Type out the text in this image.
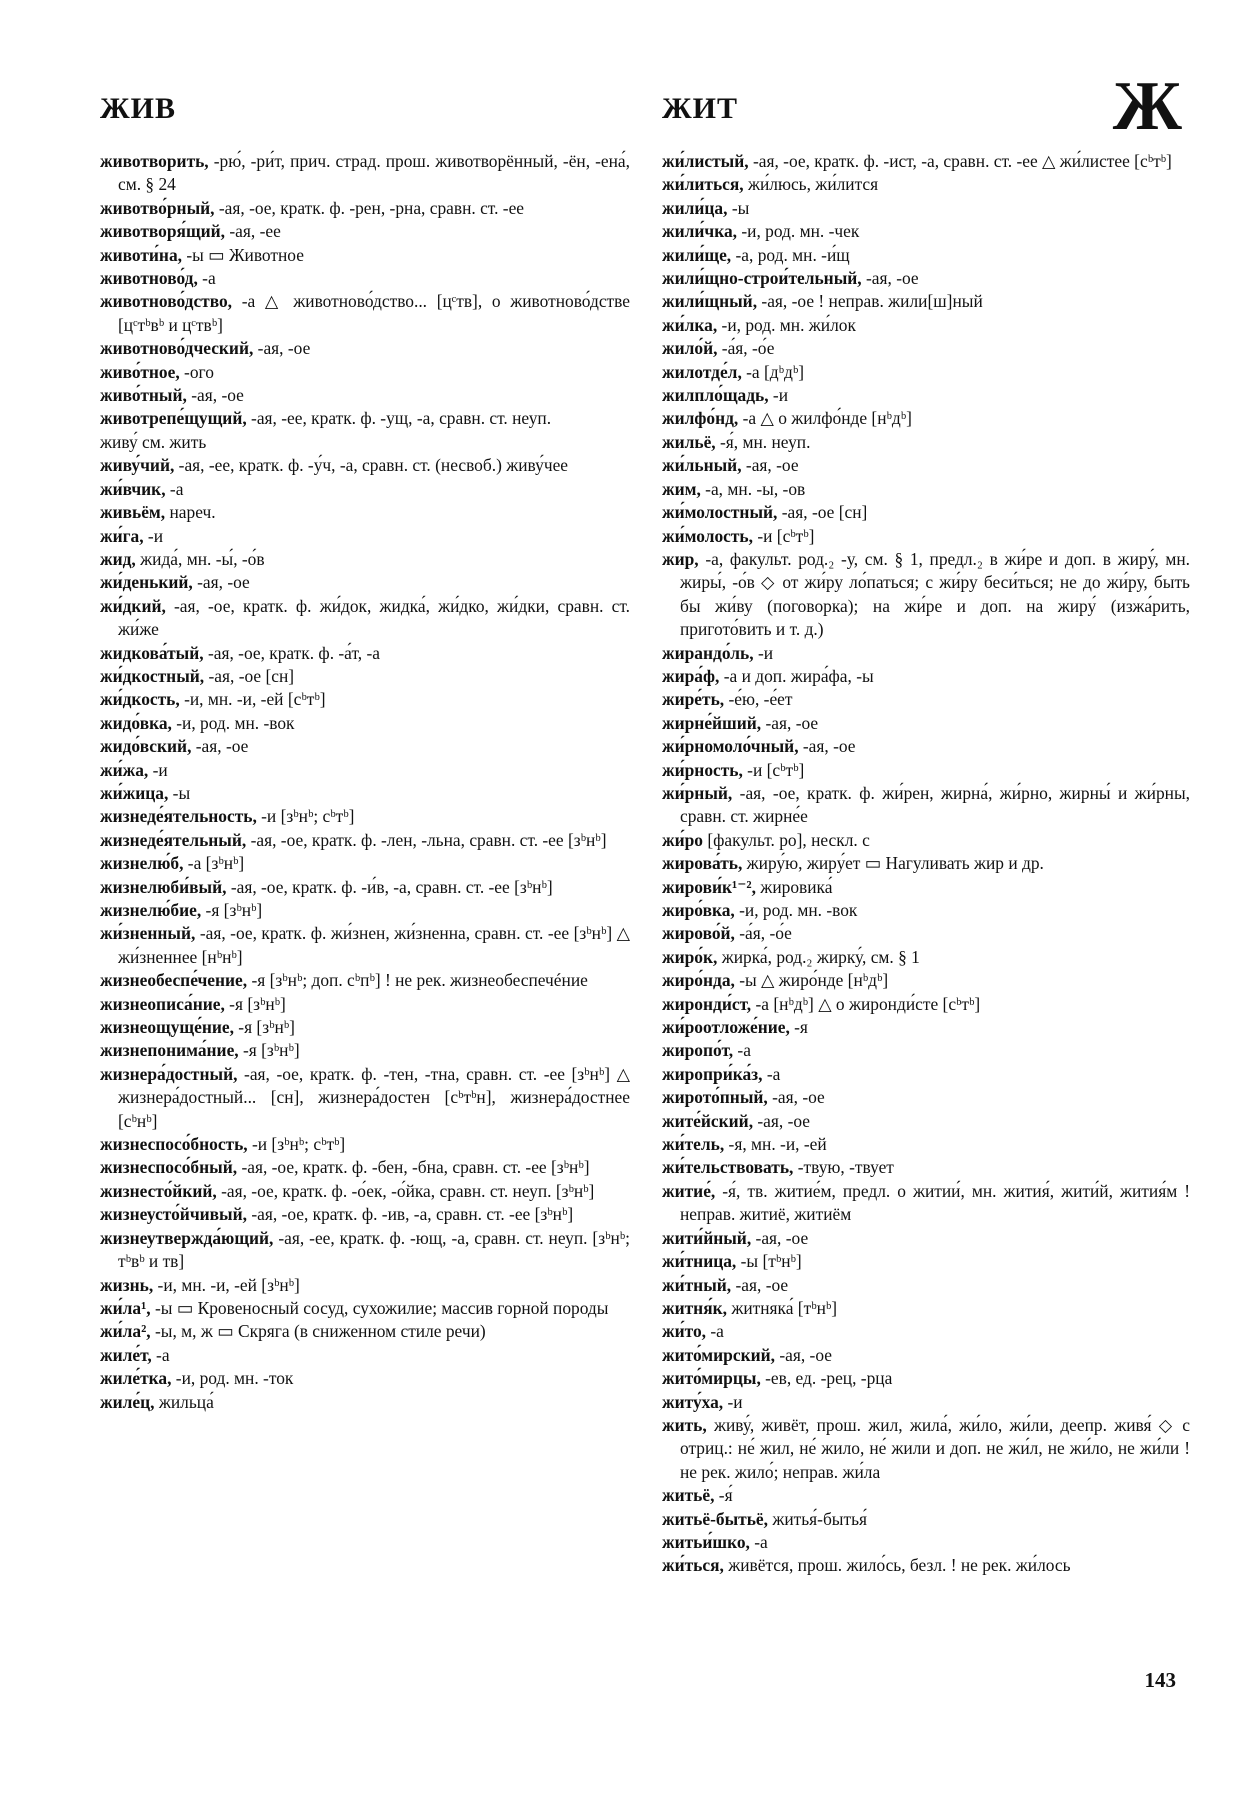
ЖИВ	ЖИТ	Ж

животворить, -рю́, -ри́т, прич. страд. прош. животворённый, -ён, -ена́, см. § 24

животво́рный, -ая, -ое, кратк. ф. -рен, -рна, сравн. ст. -ее

животворя́щий, -ая, -ее

животи́на, -ы ▭ Животное

животново́д, -а

животново́дство, -а △ животново́дство... [цᶜтв], о животново́дстве [цᶜтᵇвᵇ и цᶜтвᵇ]

животново́дческий, -ая, -ое

живо́тное, -ого

живо́тный, -ая, -ое

животрепе́щущий, -ая, -ее, кратк. ф. -ущ, -а, сравн. ст. неуп.

живу́ см. жить

живу́чий, -ая, -ее, кратк. ф. -у́ч, -а, сравн. ст. (несвоб.) живу́чее

жи́вчик, -а

живьём, нареч.

жи́га, -и

жид, жида́, мн. -ы́, -о́в

жи́денький, -ая, -ое

жи́дкий, -ая, -ое, кратк. ф. жи́док, жидка́, жи́дко, жи́дки, сравн. ст. жи́же

жидкова́тый, -ая, -ое, кратк. ф. -а́т, -а

жи́дкостный, -ая, -ое [сн]

жи́дкость, -и, мн. -и, -ей [сᵇтᵇ]

жидо́вка, -и, род. мн. -вок

жидо́вский, -ая, -ое

жи́жа, -и

жи́жица, -ы

жизнеде́ятельность, -и [зᵇнᵇ; сᵇтᵇ]

жизнеде́ятельный, -ая, -ое, кратк. ф. -лен, -льна, сравн. ст. -ее [зᵇнᵇ]

жизнелю́б, -а [зᵇнᵇ]

жизнелюби́вый, -ая, -ое, кратк. ф. -и́в, -а, сравн. ст. -ее [зᵇнᵇ]

жизнелю́бие, -я [зᵇнᵇ]

жи́зненный, -ая, -ое, кратк. ф. жи́знен, жи́зненна, сравн. ст. -ее [зᵇнᵇ] △ жи́зненнее [нᵇнᵇ]

жизнеобеспе́чение, -я [зᵇнᵇ; доп. сᵇпᵇ] ! не рек. жизнеобеспечéние

жизнеописа́ние, -я [зᵇнᵇ]

жизнеощуще́ние, -я [зᵇнᵇ]

жизнепонима́ние, -я [зᵇнᵇ]

жизнера́достный, -ая, -ое, кратк. ф. -тен, -тна, сравн. ст. -ее [зᵇнᵇ] △ жизнера́достный... [сн], жизнера́достен [сᵇтᵇн], жизнера́достнее [сᵇнᵇ]

жизнеспосо́бность, -и [зᵇнᵇ; сᵇтᵇ]

жизнеспосо́бный, -ая, -ое, кратк. ф. -бен, -бна, сравн. ст. -ее [зᵇнᵇ]

жизнесто́йкий, -ая, -ое, кратк. ф. -о́ек, -о́йка, сравн. ст. неуп. [зᵇнᵇ]

жизнеусто́йчивый, -ая, -ое, кратк. ф. -ив, -а, сравн. ст. -ее [зᵇнᵇ]

жизнеутвержда́ющий, -ая, -ее, кратк. ф. -ющ, -а, сравн. ст. неуп. [зᵇнᵇ; тᵇвᵇ и тв]

жизнь, -и, мн. -и, -ей [зᵇнᵇ]

жи́ла¹, -ы ▭ Кровеносный сосуд, сухожилие; массив горной породы

жи́ла², -ы, м, ж ▭ Скряга (в сниженном стиле речи)

жиле́т, -а

жиле́тка, -и, род. мн. -ток

жиле́ц, жильца́

жи́листый, -ая, -ое, кратк. ф. -ист, -а, сравн. ст. -ее △ жи́листее [сᵇтᵇ]

жи́литься, жи́люсь, жи́лится

жили́ца, -ы

жили́чка, -и, род. мн. -чек

жили́ще, -а, род. мн. -и́щ

жили́щно-строи́тельный, -ая, -ое

жили́щный, -ая, -ое ! неправ. жили[ш]ный

жи́лка, -и, род. мн. жи́лок

жило́й, -а́я, -о́е

жилотде́л, -а [дᵇдᵇ]

жилпло́щадь, -и

жилфо́нд, -а △ о жилфо́нде [нᵇдᵇ]

жильё, -я́, мн. неуп.

жи́льный, -ая, -ое

жим, -а, мн. -ы, -ов

жи́молостный, -ая, -ое [сн]

жи́молость, -и [сᵇтᵇ]

жир, -а, факульт. род.₂ -у, см. § 1, предл.₂ в жи́ре и доп. в жиру́, мн. жиры́, -о́в ◇ от жи́ру ло́паться; с жи́ру беси́ться; не до жи́ру, быть бы жи́ву (поговорка); на жи́ре и доп. на жиру́ (изжа́рить, пригото́вить и т. д.)

жирандо́ль, -и

жира́ф, -а и доп. жира́фа, -ы

жире́ть, -е́ю, -е́ет

жирне́йший, -ая, -ое

жи́рномоло́чный, -ая, -ое

жи́рность, -и [сᵇтᵇ]

жи́рный, -ая, -ое, кратк. ф. жи́рен, жирна́, жи́рно, жирны́ и жи́рны, сравн. ст. жирне́е

жи́ро [факульт. ро], нескл. с

жирова́ть, жиру́ю, жиру́ет ▭ Нагуливать жир и др.

жирови́к¹⁻², жировика́

жиро́вка, -и, род. мн. -вок

жирово́й, -а́я, -о́е

жиро́к, жирка́, род.₂ жирку́, см. § 1

жиро́нда, -ы △ жиро́нде [нᵇдᵇ]

жиронди́ст, -а [нᵇдᵇ] △ о жиронди́сте [сᵇтᵇ]

жи́роотложе́ние, -я

жиропо́т, -а

жиропри́ка́з, -а

жирото́пный, -ая, -ое

жите́йский, -ая, -ое

жи́тель, -я, мн. -и, -ей

жи́тельствовать, -твую, -твует

житие́, -я́, тв. житие́м, предл. о житии́, мн. жития́, жити́й, жития́м ! неправ. житиё, житиём

жити́йный, -ая, -ое

жи́тница, -ы [тᵇнᵇ]

жи́тный, -ая, -ое

житня́к, житняка́ [тᵇнᵇ]

жи́то, -а

жито́мирский, -ая, -ое

жито́мирцы, -ев, ед. -рец, -рца

житу́ха, -и

жить, живу́, живёт, прош. жил, жила́, жи́ло, жи́ли, деепр. живя́ ◇ с отриц.: не́ жил, не́ жило, не́ жили и доп. не жи́л, не жи́ло, не жи́ли ! не рек. жило́; неправ. жи́ла

житьё, -я́

житьё-бытьё, житья́-бытья́

житьи́шко, -а

жи́ться, живётся, прош. жило́сь, безл. ! не рек. жи́лось

143
